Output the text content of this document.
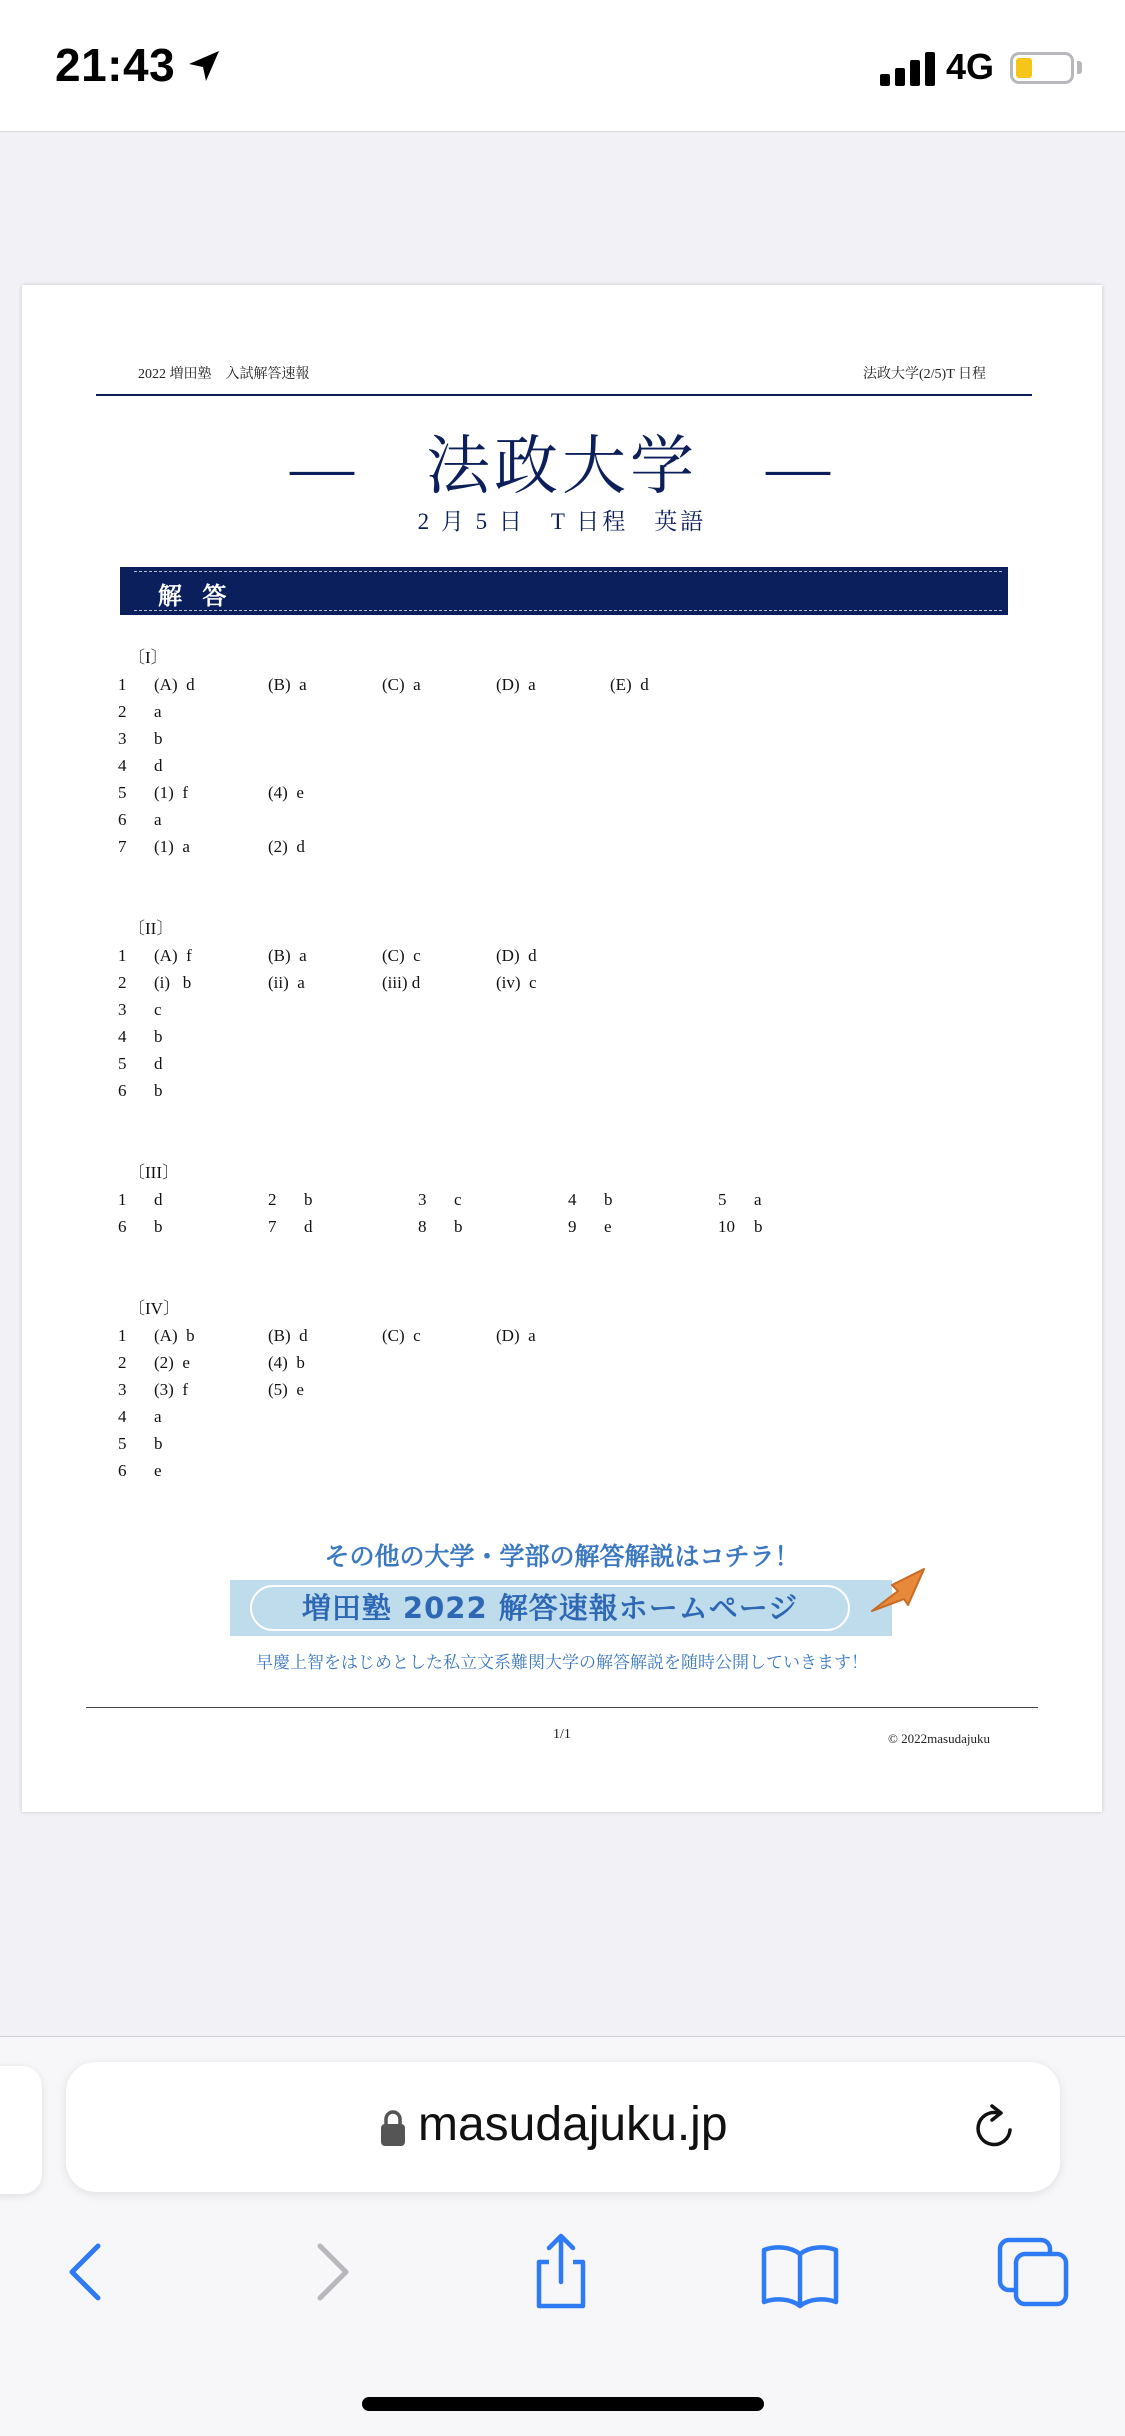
21:43	4G
2022 増田塾　入試解答速報	法政大学(2/5)T 日程
―　法政大学　―
2 月 5 日　T 日程　英語
解 答
〔I〕
1	(A)  d	(B)  a	(C)  a	(D)  a	(E)  d
2	a
3	b
4	d
5	(1)  f	(4)  e
6	a
7	(1)  a	(2)  d
〔II〕
1	(A)  f	(B)  a	(C)  c	(D)  d
2	(i)   b	(ii)  a	(iii) d	(iv)  c
3	c
4	b
5	d
6	b
〔III〕
1	d	2	b	3	c	4	b	5	a
6	b	7	d	8	b	9	e	10	b
〔IV〕
1	(A)  b	(B)  d	(C)  c	(D)  a
2	(2)  e	(4)  b
3	(3)  f	(5)  e
4	a
5	b
6	e
その他の大学・学部の解答解説はコチラ！
増田塾 2022 解答速報ホームページ
早慶上智をはじめとした私立文系難関大学の解答解説を随時公開していきます！
1/1	© 2022masudajuku
masudajuku.jp
